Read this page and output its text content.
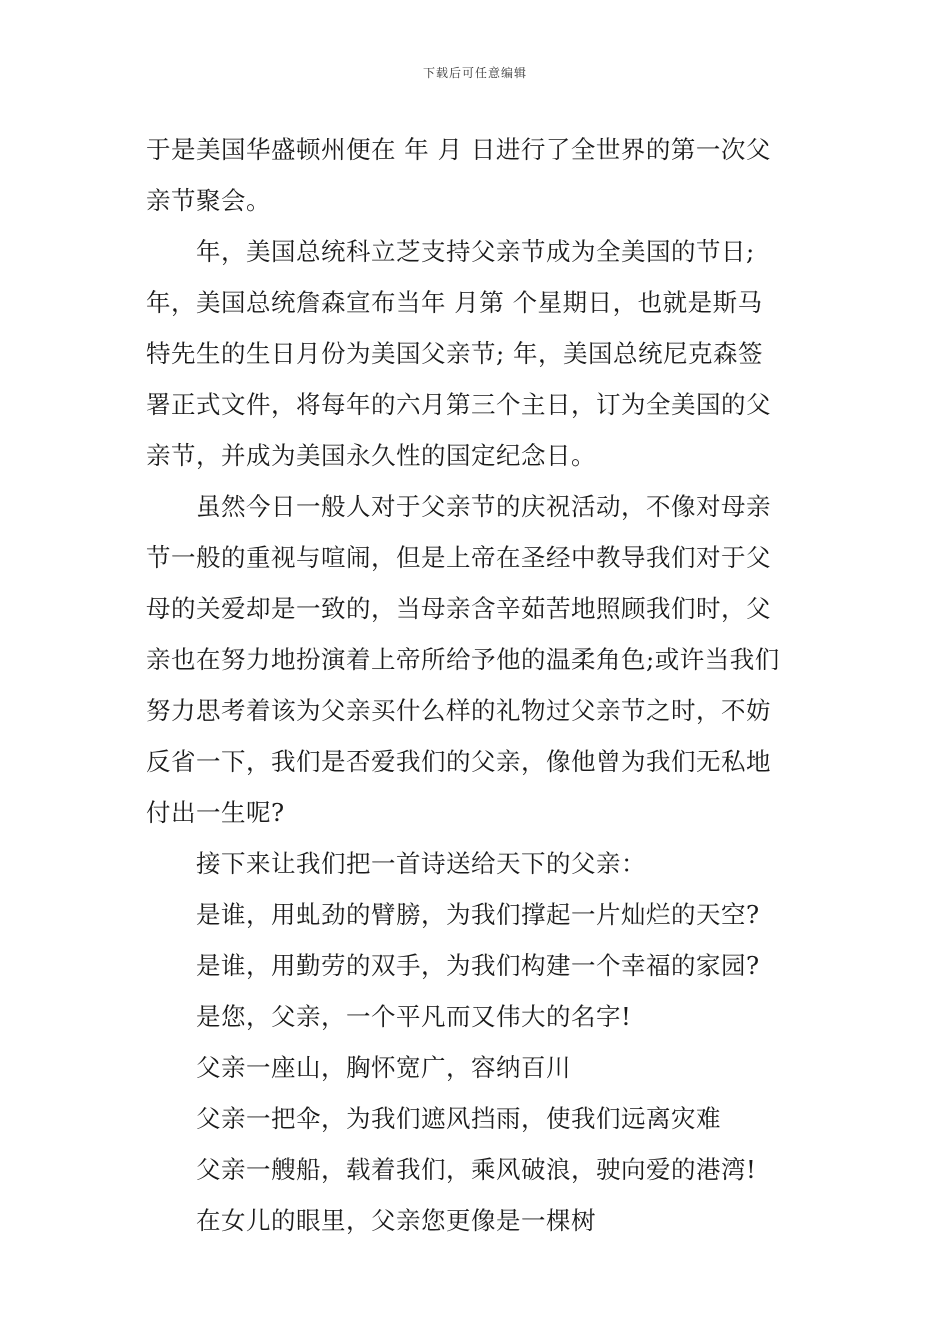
下载后可任意编辑
于是美国华盛顿州便在 年 月 日进行了全世界的第一次父
亲节聚会。
年，美国总统科立芝支持父亲节成为全美国的节日;
年，美国总统詹森宣布当年 月第 个星期日，也就是斯马
特先生的生日月份为美国父亲节; 年，美国总统尼克森签
署正式文件，将每年的六月第三个主日，订为全美国的父
亲节，并成为美国永久性的国定纪念日。
虽然今日一般人对于父亲节的庆祝活动，不像对母亲
节一般的重视与喧闹，但是上帝在圣经中教导我们对于父
母的关爱却是一致的，当母亲含辛茹苦地照顾我们时，父
亲也在努力地扮演着上帝所给予他的温柔角色;或许当我们
努力思考着该为父亲买什么样的礼物过父亲节之时，不妨
反省一下，我们是否爱我们的父亲，像他曾为我们无私地
付出一生呢?

接下来让我们把一首诗送给天下的父亲：

是谁，用虬劲的臂膀，为我们撑起一片灿烂的天空?

是谁，用勤劳的双手，为我们构建一个幸福的家园?

是您，父亲，一个平凡而又伟大的名字!

父亲一座山，胸怀宽广，容纳百川

父亲一把伞，为我们遮风挡雨，使我们远离灾难

父亲一艘船，载着我们，乘风破浪，驶向爱的港湾!

在女儿的眼里，父亲您更像是一棵树
